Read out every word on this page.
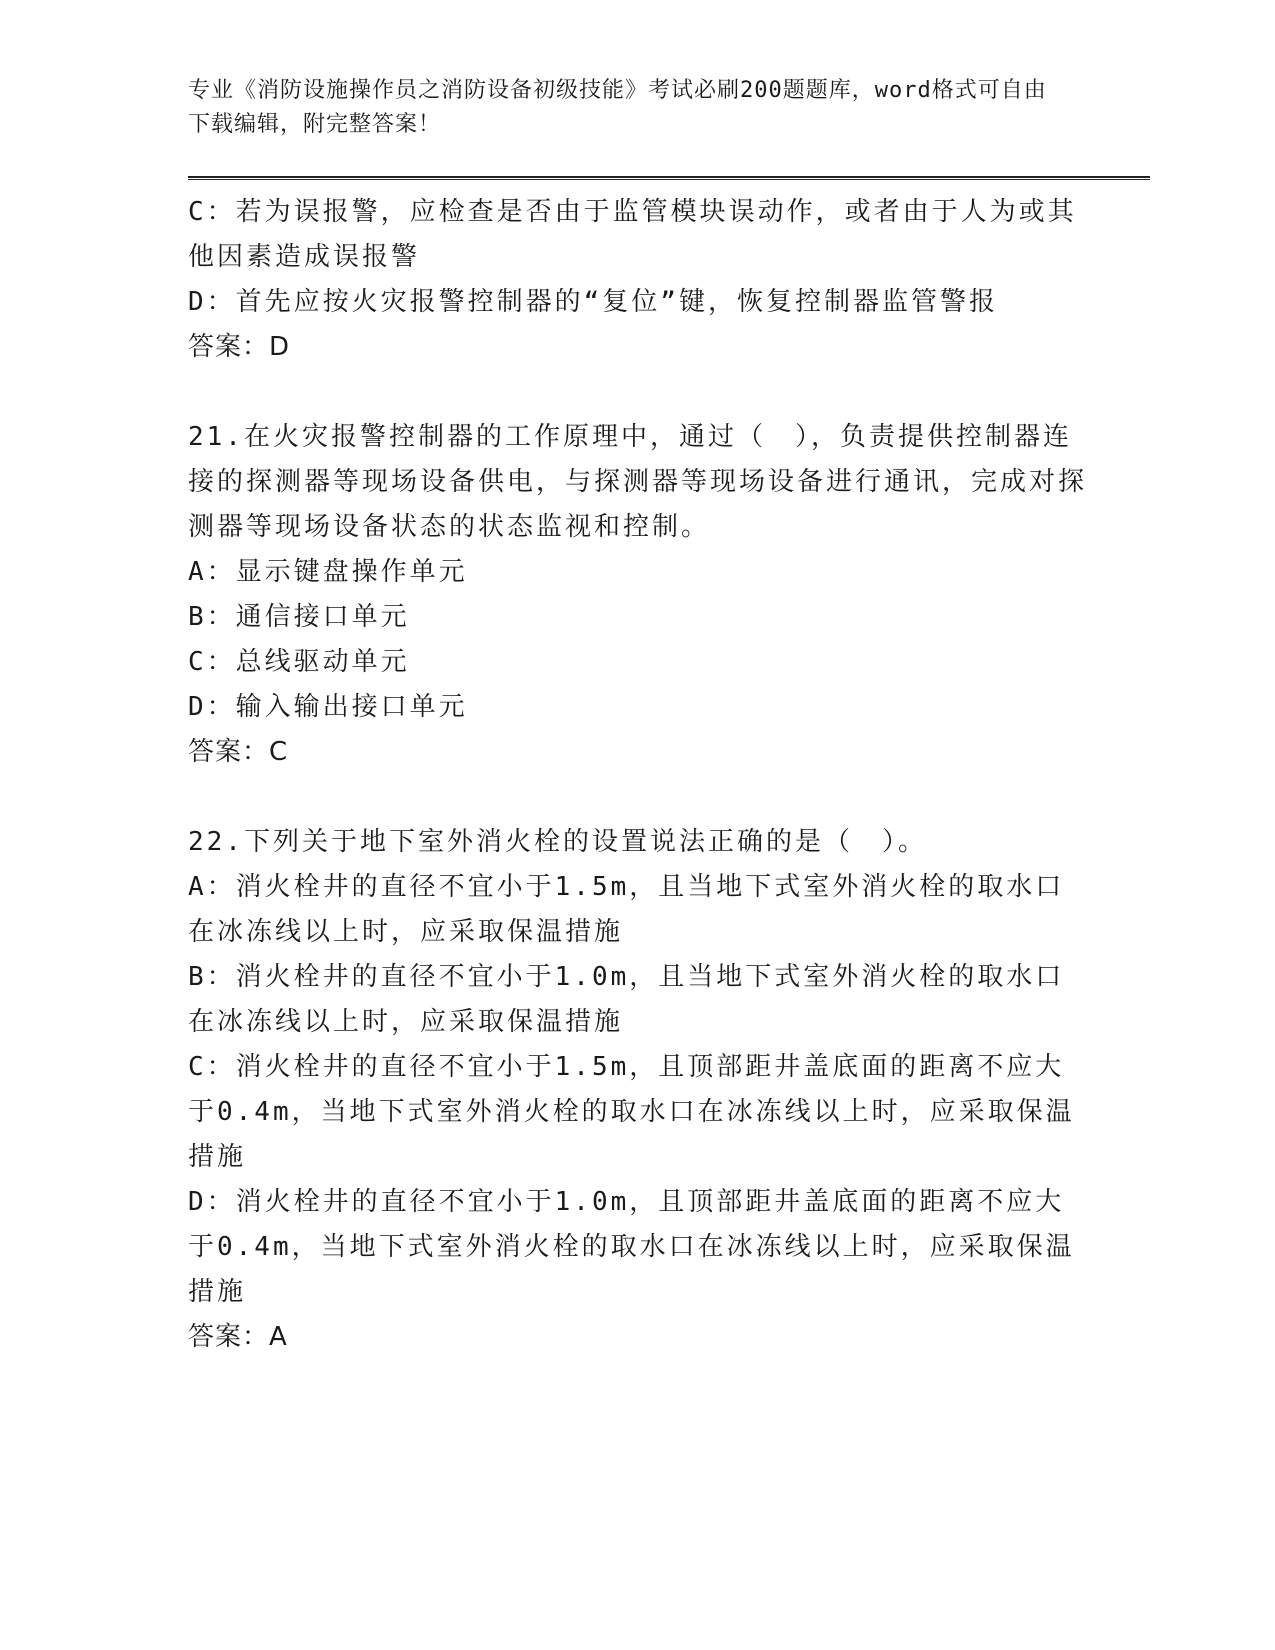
专业《消防设施操作员之消防设备初级技能》考试必刷200题题库，word格式可自由下载编辑，附完整答案！
C：若为误报警，应检查是否由于监管模块误动作，或者由于人为或其他因素造成误报警
D：首先应按火灾报警控制器的“复位”键，恢复控制器监管警报
答案：D
21.在火灾报警控制器的工作原理中，通过（　），负责提供控制器连接的探测器等现场设备供电，与探测器等现场设备进行通讯，完成对探测器等现场设备状态的状态监视和控制。
A：显示键盘操作单元
B：通信接口单元
C：总线驱动单元
D：输入输出接口单元
答案：C
22.下列关于地下室外消火栓的设置说法正确的是（　）。
A：消火栓井的直径不宜小于1.5m，且当地下式室外消火栓的取水口在冰冻线以上时，应采取保温措施
B：消火栓井的直径不宜小于1.0m，且当地下式室外消火栓的取水口在冰冻线以上时，应采取保温措施
C：消火栓井的直径不宜小于1.5m，且顶部距井盖底面的距离不应大于0.4m，当地下式室外消火栓的取水口在冰冻线以上时，应采取保温措施
D：消火栓井的直径不宜小于1.0m，且顶部距井盖底面的距离不应大于0.4m，当地下式室外消火栓的取水口在冰冻线以上时，应采取保温措施
答案：A
